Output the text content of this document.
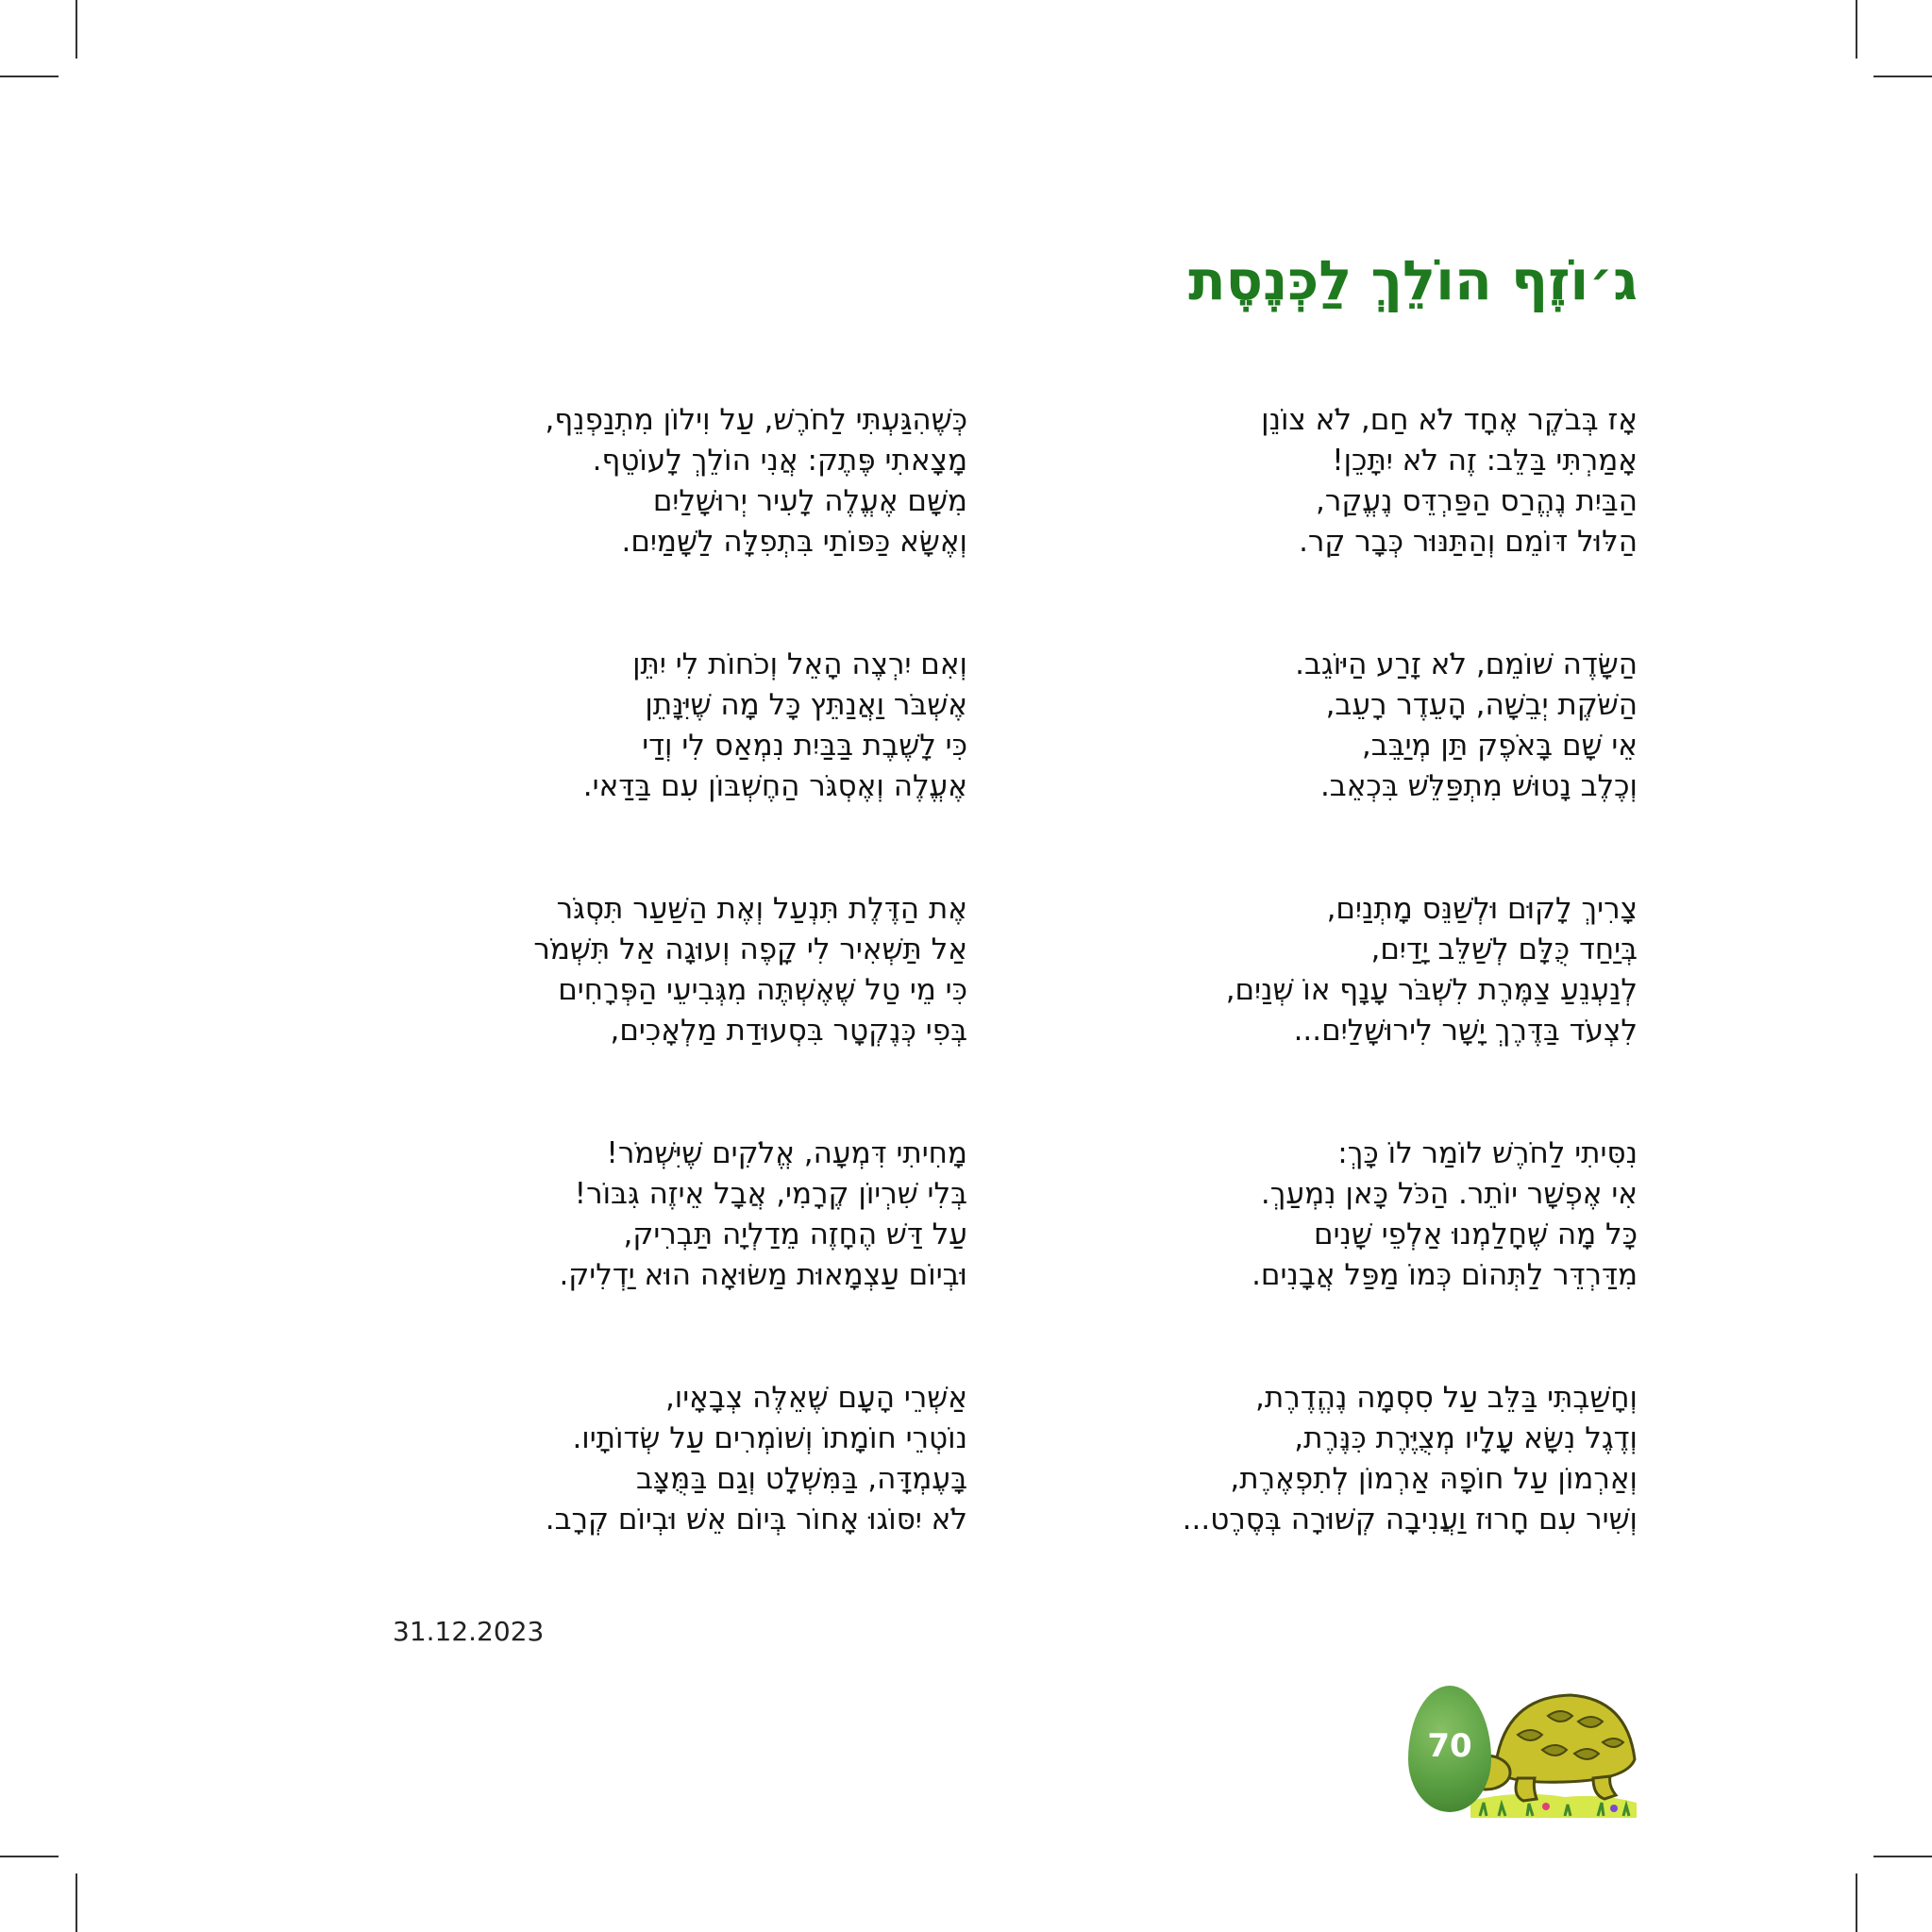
ג׳וֹזֶף הוֹלֵךְ לַכְּנֶסֶת
אָז בְּבֹקֶר אֶחָד לֹא חַם, לֹא צוֹנֵן
אָמַרְתִּי בַּלֵּב: זֶה לֹא יִתָּכֵן!
הַבַּיִת נֶהֱרַס הַפַּרְדֵּס נֶעֱקַר,
הַלּוּל דּוֹמֵם וְהַתַּנּוּר כְּבָר קַר.
הַשָּׂדֶה שׁוֹמֵם, לֹא זָרַע הַיּוֹגֵב.
הַשֹּׁקֶת יְבֵשָׁה, הָעֵדֶר רָעֵב,
אֵי שָׁם בָּאֹפֶק תַּן מְיַבֵּב,
וְכֶלֶב נָטוּשׁ מִתְפַּלֵּשׁ בִּכְאֵב.
צָרִיךְ לָקוּם וּלְשַׁנֵּס מָתְנַיִם,
בְּיַחַד כֻּלָּם לְשַׁלֵּב יָדַיִם,
לְנַעְנֵעַ צַמֶּרֶת לִשְׁבֹּר עָנָף אוֹ שְׁנַיִם,
לִצְעֹד בַּדֶּרֶךְ יָשָׁר לִירוּשָׁלַיִם...
נִסִּיתִי לַחֹרֶשׁ לוֹמַר לוֹ כָּךְ:
אִי אֶפְשָׁר יוֹתֵר. הַכֹּל כָּאן נִמְעַךְ.
כָּל מָה שֶׁחָלַמְנוּ אַלְפֵי שָׁנִים
מִדַּרְדֵּר לַתְּהוֹם כְּמוֹ מַפַּל אֲבָנִים.
וְחָשַׁבְתִּי בַּלֵּב עַל סִסְמָה נֶהֱדֶרֶת,
וְדֶגֶל נִשָּׂא עָלָיו מְצֻיֶּרֶת כִּנֶּרֶת,
וְאַרְמוֹן עַל חוֹפָהּ אַרְמוֹן לְתִפְאֶרֶת,
וְשִׁיר עִם חָרוּז וַעֲנִיבָה קְשׁוּרָה בְּסֶרֶט...
כְּשֶׁהִגַּעְתִּי לַחֹרֶשׁ, עַל וִילוֹן מִתְנַפְנֵף,
מָצָאתִי פֶּתֶק: אֲנִי הוֹלֵךְ לָעוֹטֵף.
מִשָּׁם אֶעֱלֶה לָעִיר יְרוּשָׁלַיִם
וְאֶשָּׂא כַּפּוֹתַי בִּתְפִלָּה לַשָּׁמַיִם.
וְאִם יִרְצֶה הָאֵל וְכֹחוֹת לִי יִתֵּן
אֶשְׁבֹּר וַאֲנַתֵּץ כָּל מָה שֶׁיִּנָּתֵן
כִּי לָשֶׁבֶת בַּבַּיִת נִמְאַס לִי וְדַי
אֶעֱלֶה וְאֶסְגֹּר הַחֶשְׁבּוֹן עִם בַּדַּאי.
אֶת הַדֶּלֶת תִּנְעַל וְאֶת הַשַּׁעַר תִּסְגֹּר
אַל תַּשְׁאִיר לִי קָפֶה וְעוּגָה אַל תִּשְׁמֹר
כִּי מֵי טַל שֶׁאֶשְׁתֶּה מִגְּבִיעֵי הַפְּרָחִים
בְּפִי כְּנֶקְטָר בִּסְעוּדַת מַלְאָכִים,
מָחִיתִי דִּמְעָה, אֱלֹקִים שֶׁיִּשְׁמֹר!
בְּלִי שִׁרְיוֹן קֶרָמִי, אֲבָל אֵיזֶה גִּבּוֹר!
עַל דַּשׁ הֶחָזֶה מֵדַלְיָה תַּבְרִיק,
וּבְיוֹם עַצְמָאוּת מַשּׂוּאָה הוּא יַדְלִיק.
אַשְׁרֵי הָעָם שֶׁאֵלֶּה צְבָאָיו,
נוֹטְרֵי חוֹמָתוֹ וְשׁוֹמְרִים עַל שְׂדוֹתָיו.
בָּעֶמְדָּה, בַּמִּשְׁלָט וְגַם בַּמֻּצָּב
לֹא יִסּוֹגוּ אָחוֹר בְּיוֹם אֵשׁ וּבְיוֹם קְרָב.
31.12.2023
70
